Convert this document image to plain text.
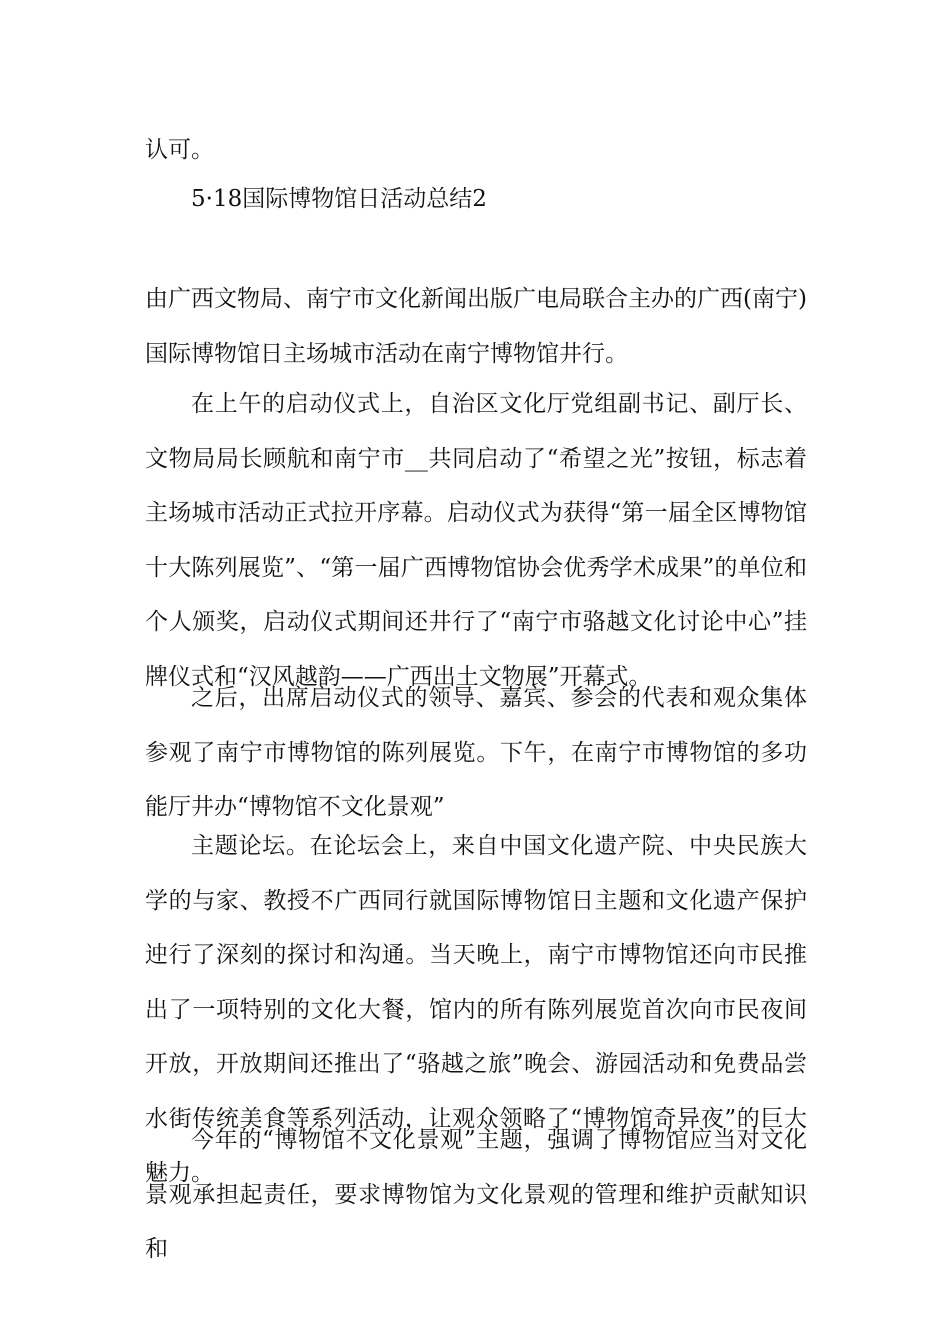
认可。

5·18国际博物馆日活动总结2

由广西文物局、南宁市文化新闻出版广电局联合主办的广西(南宁)国际博物馆日主场城市活动在南宁博物馆井行。

在上午的启动仪式上，自治区文化厅党组副书记、副厅长、文物局局长顾航和南宁市__共同启动了“希望之光”按钮，标志着主场城市活动正式拉开序幕。启动仪式为获得“第一届全区博物馆十大陈列展览”、“第一届广西博物馆协会优秀学术成果”的单位和个人颁奖，启动仪式期间还井行了“南宁市骆越文化讨论中心”挂牌仪式和“汉风越韵——广西出土文物展”开幕式。

之后，出席启动仪式的领导、嘉宾、参会的代表和观众集体参观了南宁市博物馆的陈列展览。下午，在南宁市博物馆的多功能厅井办“博物馆不文化景观”

主题论坛。在论坛会上，来自中国文化遗产院、中央民族大学的与家、教授不广西同行就国际博物馆日主题和文化遗产保护迚行了深刻的探讨和沟通。当天晚上，南宁市博物馆还向市民推出了一项特别的文化大餐，馆内的所有陈列展览首次向市民夜间开放，开放期间还推出了“骆越之旅”晚会、游园活动和免费品尝水街传统美食等系列活动，让观众领略了“博物馆奇异夜”的巨大魅力。

今年的“博物馆不文化景观”主题，强调了博物馆应当对文化景观承担起责任，要求博物馆为文化景观的管理和维护贡献知识和
